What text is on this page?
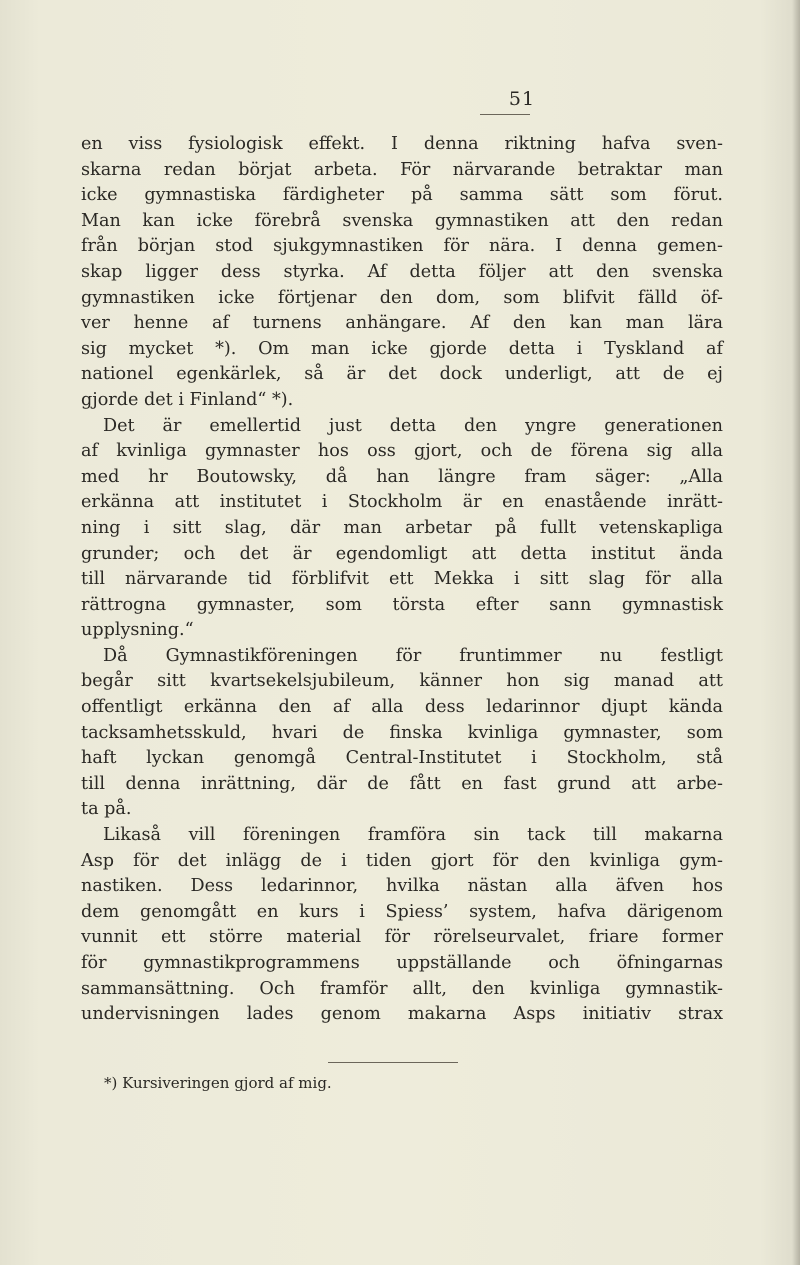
51
en viss fysiologisk effekt. I denna riktning hafva sven-
skarna redan börjat arbeta. För närvarande betraktar man
icke gymnastiska färdigheter på samma sätt som förut.
Man kan icke förebrå svenska gymnastiken att den redan
från början stod sjukgymnastiken för nära. I denna gemen-
skap ligger dess styrka. Af detta följer att den svenska
gymnastiken icke förtjenar den dom, som blifvit fälld öf-
ver henne af turnens anhängare. Af den kan man lära
sig mycket *). Om man icke gjorde detta i Tyskland af
nationel egenkärlek, så är det dock underligt, att de ej
gjorde det i Finland“ *).
Det är emellertid just detta den yngre generationen
af kvinliga gymnaster hos oss gjort, och de förena sig alla
med hr Boutowsky, då han längre fram säger: „Alla
erkänna att institutet i Stockholm är en enastående inrätt-
ning i sitt slag, där man arbetar på fullt vetenskapliga
grunder; och det är egendomligt att detta institut ända
till närvarande tid förblifvit ett Mekka i sitt slag för alla
rättrogna gymnaster, som törsta efter sann gymnastisk
upplysning.“
Då Gymnastikföreningen för fruntimmer nu festligt
begår sitt kvartsekelsjubileum, känner hon sig manad att
offentligt erkänna den af alla dess ledarinnor djupt kända
tacksamhetsskuld, hvari de finska kvinliga gymnaster, som
haft lyckan genomgå Central-Institutet i Stockholm, stå
till denna inrättning, där de fått en fast grund att arbe-
ta på.
Likaså vill föreningen framföra sin tack till makarna
Asp för det inlägg de i tiden gjort för den kvinliga gym-
nastiken. Dess ledarinnor, hvilka nästan alla äfven hos
dem genomgått en kurs i Spiess’ system, hafva därigenom
vunnit ett större material för rörelseurvalet, friare former
för gymnastikprogrammens uppställande och öfningarnas
sammansättning. Och framför allt, den kvinliga gymnastik-
undervisningen lades genom makarna Asps initiativ strax
*) Kursiveringen gjord af mig.
